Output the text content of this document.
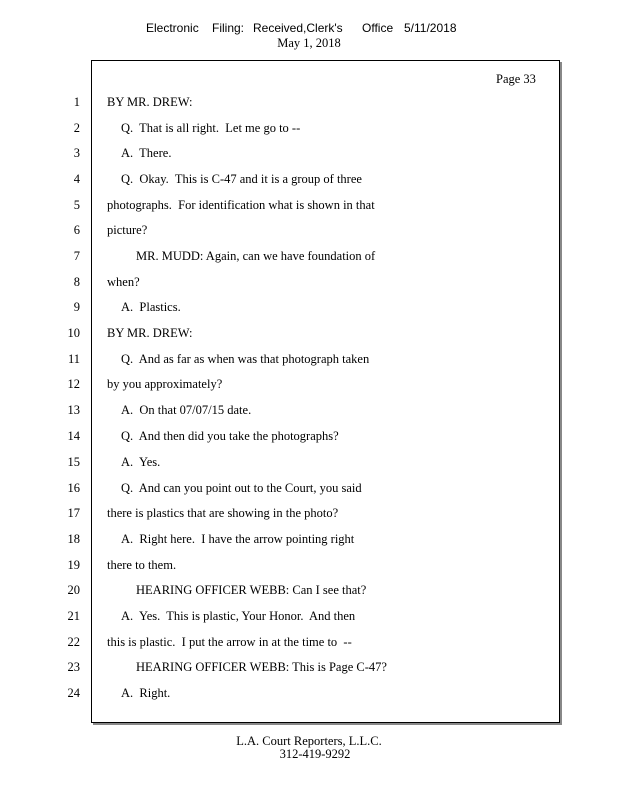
Electronic Filing: Received,Clerk's Office 5/11/2018
May 1, 2018
Page 33
1 BY MR. DREW:
2	Q.  That is all right.  Let me go to --
3	A.  There.
4	Q.  Okay.  This is C-47 and it is a group of three
5 photographs.  For identification what is shown in that
6 picture?
7	MR. MUDD: Again, can we have foundation of
8 when?
9	A.  Plastics.
10 BY MR. DREW:
11	Q.  And as far as when was that photograph taken
12 by you approximately?
13	A.  On that 07/07/15 date.
14	Q.  And then did you take the photographs?
15	A.  Yes.
16	Q.  And can you point out to the Court, you said
17 there is plastics that are showing in the photo?
18	A.  Right here.  I have the arrow pointing right
19 there to them.
20	HEARING OFFICER WEBB: Can I see that?
21	A.  Yes.  This is plastic, Your Honor.  And then
22 this is plastic.  I put the arrow in at the time to  --
23	HEARING OFFICER WEBB: This is Page C-47?
24	A.  Right.
L.A. Court Reporters, L.L.C.
312-419-9292
